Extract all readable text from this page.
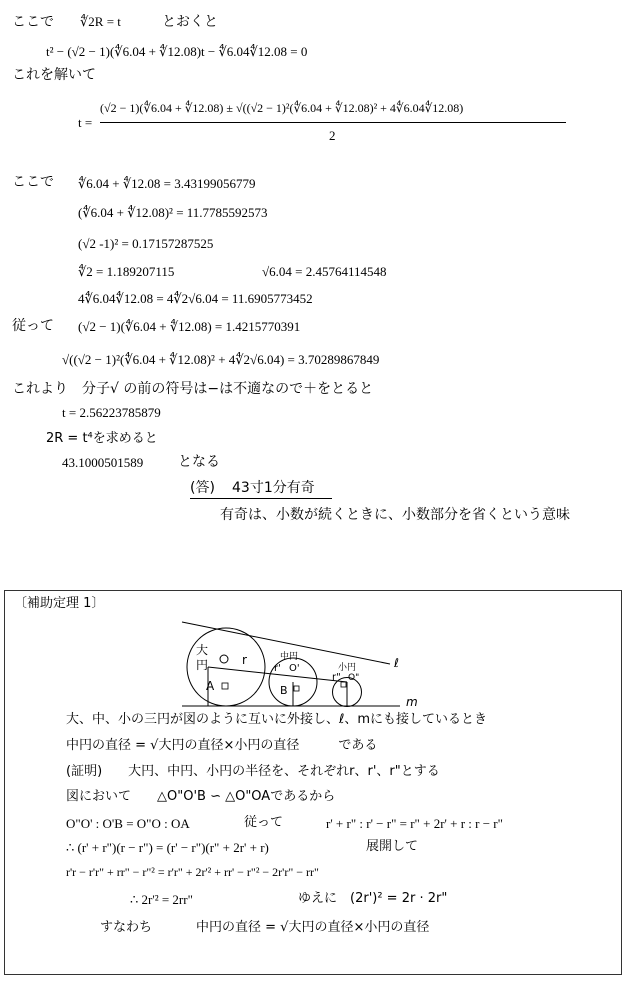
ここで ∜2R = t	とおくと
t² − (√2 − 1)(∜6.04 + ∜12.08)t − ∜6.04∜12.08 = 0
これを解いて
t =
(√2 − 1)(∜6.04 + ∜12.08) ± √((√2 − 1)²(∜6.04 + ∜12.08)² + 4∜6.04∜12.08)
2
ここで ∜6.04 + ∜12.08 = 3.43199056779
(∜6.04 + ∜12.08)² = 11.7785592573
(√2 -1)² = 0.17157287525
∜2 = 1.189207115	√6.04 = 2.45764114548
4∜6.04∜12.08 = 4∜2√6.04 = 11.6905773452
従って (√2 − 1)(∜6.04 + ∜12.08) = 1.4215770391
√((√2 − 1)²(∜6.04 + ∜12.08)² + 4∜2√6.04) = 3.70289867849
これより　分子√ の前の符号は−は不適なので＋をとると
t = 2.56223785879
2R = t⁴を求めると
43.1000501589 となる
(答) 43寸1分有奇
有奇は、小数が続くときに、小数部分を省くという意味
〔補助定理 1〕
大
円	r	中円
r' O'	小円
r" O"
A	B
ℓ
m
大、中、小の三円が図のように互いに外接し、ℓ、mにも接しているとき
中円の直径 = √大円の直径×小円の直径　　　である
(証明)　　大円、中円、小円の半径を、それぞれr、r'、r"とする
図において　　△O"O'B ∽ △O"OAであるから
O"O' : O'B = O"O : OA	従って	r' + r" : r' − r" = r" + 2r' + r : r − r"
∴ (r' + r")(r − r") = (r' − r")(r" + 2r' + r)	展開して
r'r − r'r" + rr" − r"² = r'r" + 2r'² + rr' − r"² − 2r'r" − rr"
∴ 2r'² = 2rr"	ゆえに　(2r')² = 2r · 2r"
すなわち	中円の直径 = √大円の直径×小円の直径
